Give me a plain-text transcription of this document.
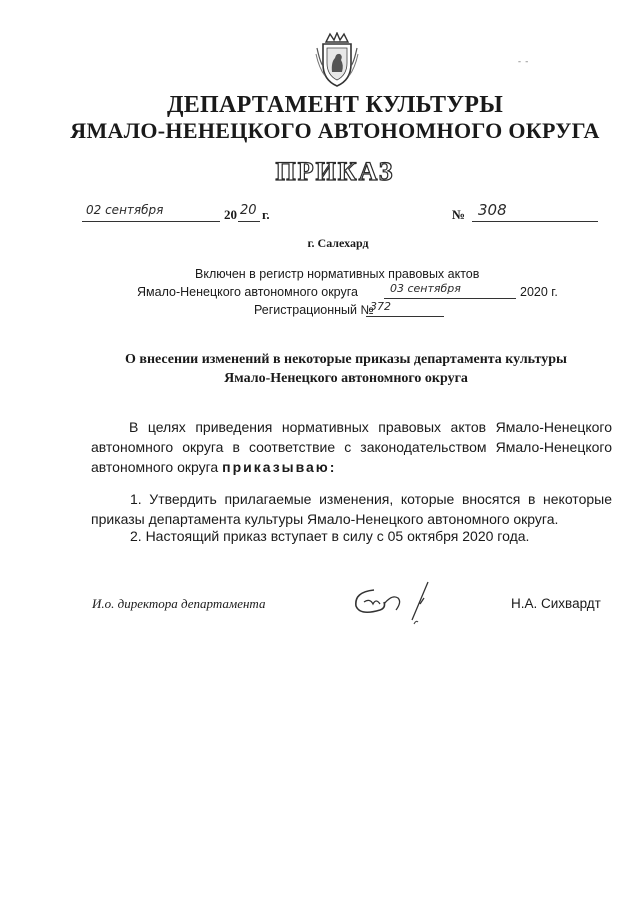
- -
ДЕПАРТАМЕНТ КУЛЬТУРЫ
ЯМАЛО-НЕНЕЦКОГО АВТОНОМНОГО ОКРУГА
ПРИКАЗ
02 сентября	20 20 г.	№ 308
г. Салехард
Включен в регистр нормативных правовых актов
Ямало-Ненецкого автономного округа	03 сентября	2020 г.
Регистрационный №
372
О внесении изменений в некоторые приказы департамента культуры
Ямало-Ненецкого автономного округа
В целях приведения нормативных правовых актов Ямало-Ненецкого
автономного округа в соответствие с законодательством Ямало-Ненецкого
автономного округа приказываю:
1. Утвердить прилагаемые изменения, которые вносятся в некоторые
приказы департамента культуры Ямало-Ненецкого автономного округа.
2. Настоящий приказ вступает в силу с 05 октября 2020 года.
И.о. директора департамента	Н.А. Сихвардт
